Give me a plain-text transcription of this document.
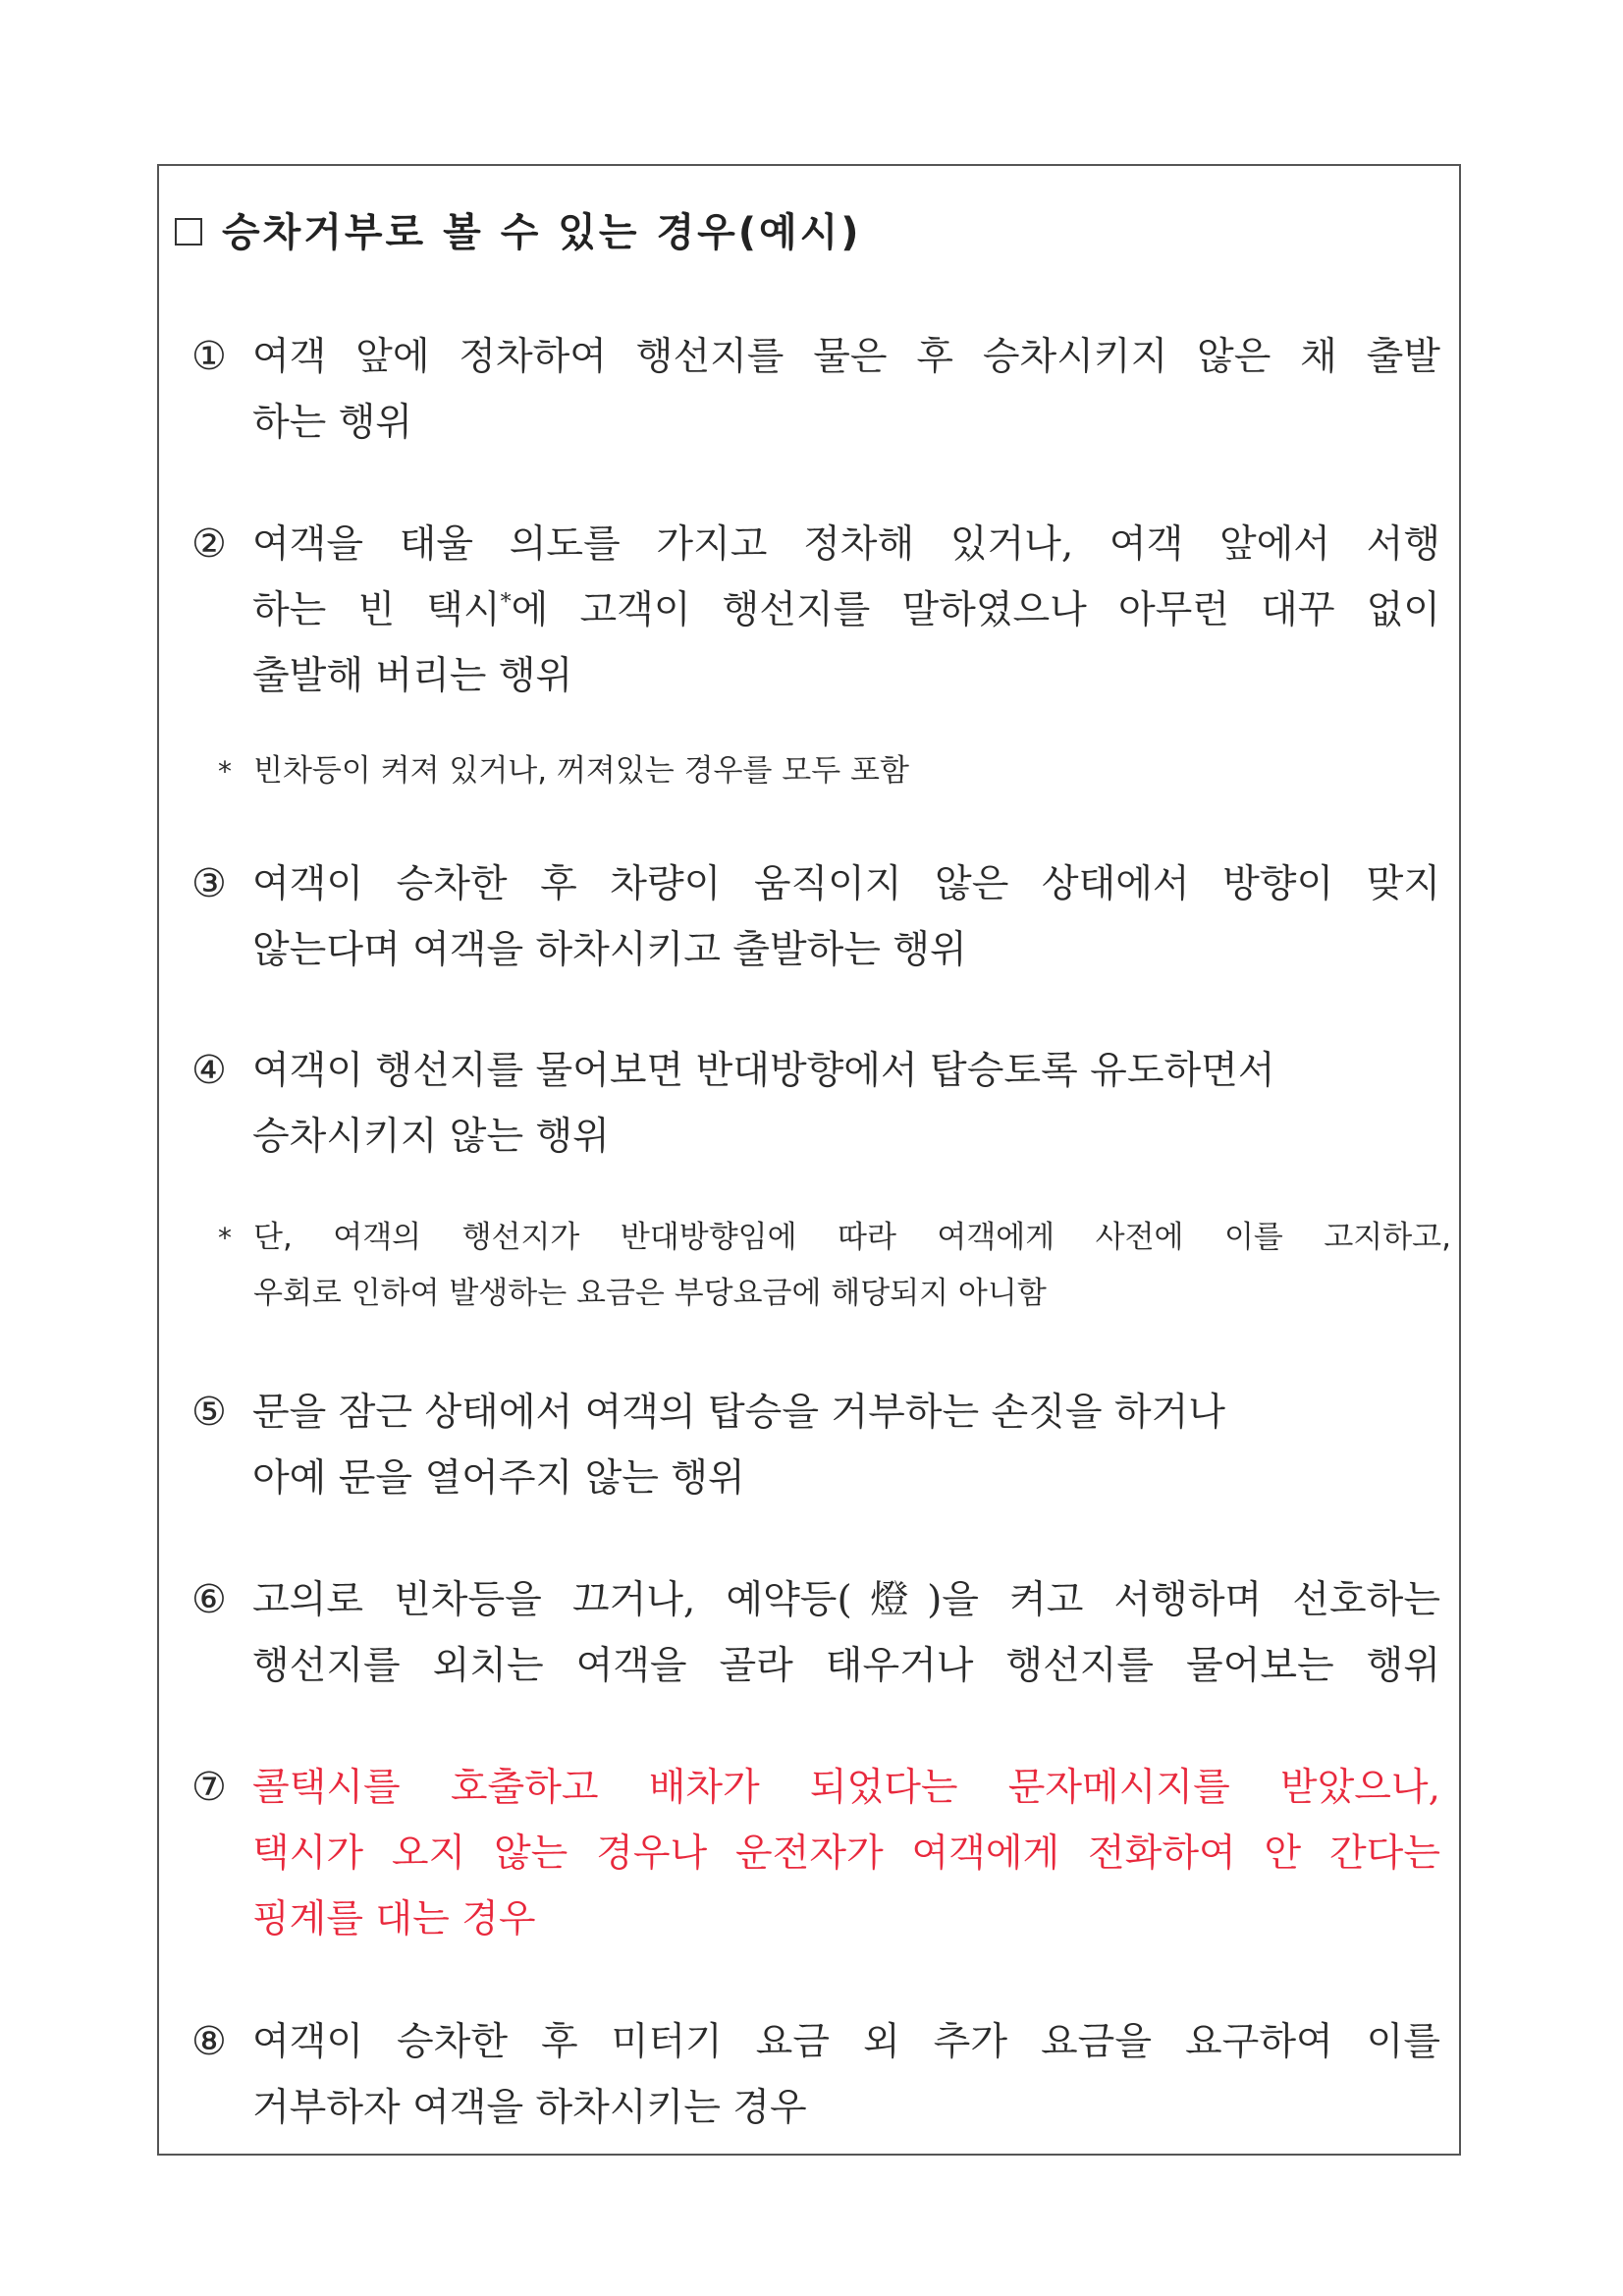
승차거부로 볼 수 있는 경우(예시)
① 여객 앞에 정차하여 행선지를 물은 후 승차시키지 않은 채 출발
하는 행위
② 여객을 태울 의도를 가지고 정차해 있거나, 여객 앞에서 서행
하는 빈 택시*에 고객이 행선지를 말하였으나 아무런 대꾸 없이
출발해 버리는 행위
* 빈차등이 켜져 있거나, 꺼져있는 경우를 모두 포함
③ 여객이 승차한 후 차량이 움직이지 않은 상태에서 방향이 맞지
않는다며 여객을 하차시키고 출발하는 행위
④ 여객이 행선지를 물어보면 반대방향에서 탑승토록 유도하면서
승차시키지 않는 행위
* 단, 여객의 행선지가 반대방향임에 따라 여객에게 사전에 이를 고지하고,
우회로 인하여 발생하는 요금은 부당요금에 해당되지 아니함
⑤ 문을 잠근 상태에서 여객의 탑승을 거부하는 손짓을 하거나
아예 문을 열어주지 않는 행위
⑥ 고의로 빈차등을 끄거나, 예약등(燈)을 켜고 서행하며 선호하는
행선지를 외치는 여객을 골라 태우거나 행선지를 물어보는 행위
⑦ 콜택시를 호출하고 배차가 되었다는 문자메시지를 받았으나,
택시가 오지 않는 경우나 운전자가 여객에게 전화하여 안 간다는
핑계를 대는 경우
⑧ 여객이 승차한 후 미터기 요금 외 추가 요금을 요구하여 이를
거부하자 여객을 하차시키는 경우
